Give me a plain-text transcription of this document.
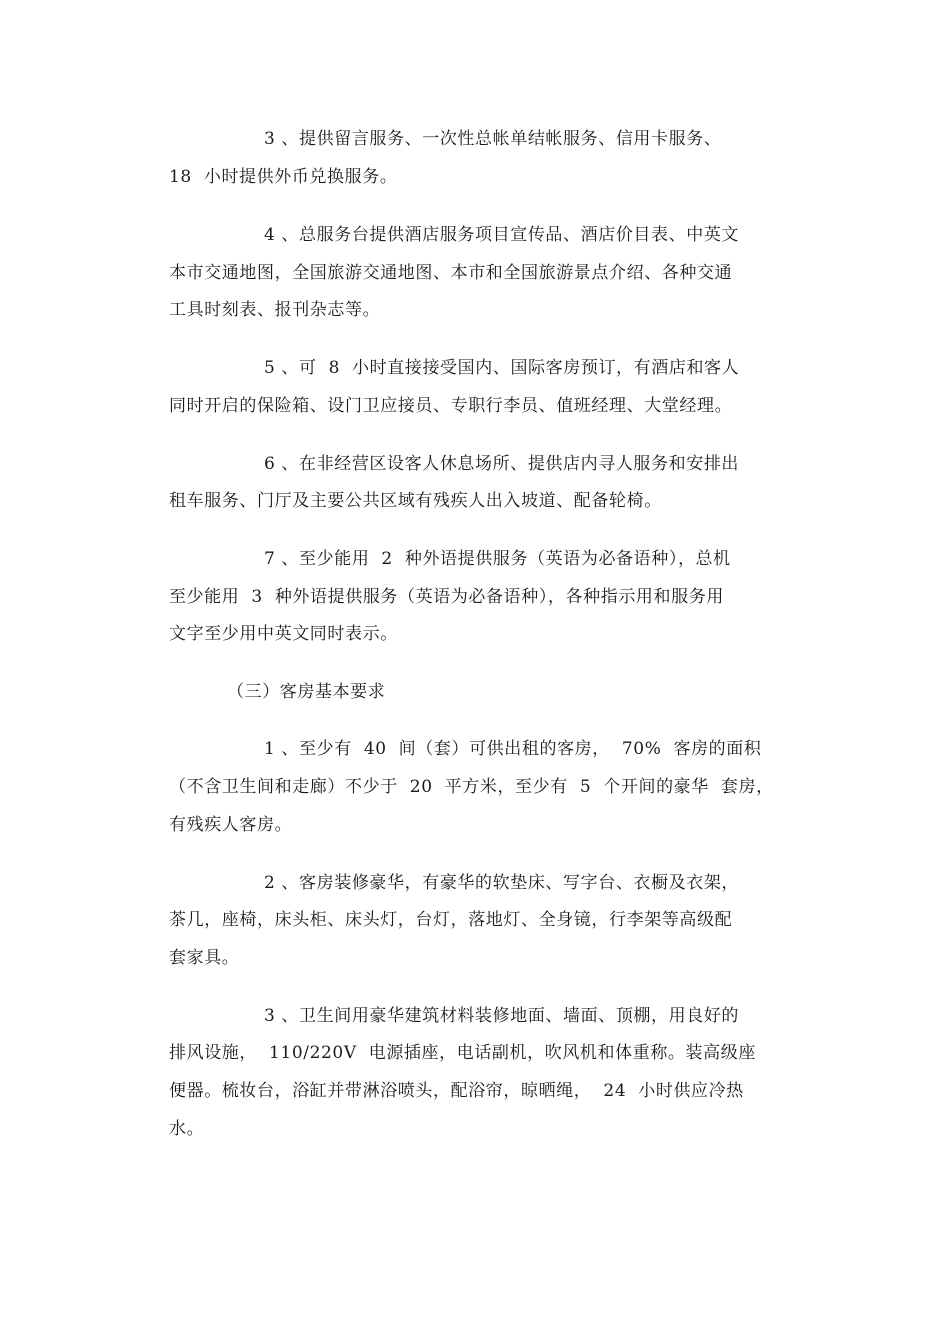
3 、提供留言服务、一次性总帐单结帐服务、信用卡服务、
18  小时提供外币兑换服务。
4 、总服务台提供酒店服务项目宣传品、酒店价目表、中英文
本市交通地图，全国旅游交通地图、本市和全国旅游景点介绍、各种交通
工具时刻表、报刊杂志等。
5 、可  8  小时直接接受国内、国际客房预订，有酒店和客人
同时开启的保险箱、设门卫应接员、专职行李员、值班经理、大堂经理。
6 、在非经营区设客人休息场所、提供店内寻人服务和安排出
租车服务、门厅及主要公共区域有残疾人出入坡道、配备轮椅。
7 、至少能用  2  种外语提供服务（英语为必备语种），总机
至少能用  3  种外语提供服务（英语为必备语种），各种指示用和服务用
文字至少用中英文同时表示。
（三）客房基本要求
1 、至少有  40  间（套）可供出租的客房，  70%  客房的面积
（不含卫生间和走廊）不少于  20  平方米，至少有  5  个开间的豪华  套房，
有残疾人客房。
2 、客房装修豪华，有豪华的软垫床、写字台、衣橱及衣架，
茶几，座椅，床头柜、床头灯，台灯，落地灯、全身镜，行李架等高级配
套家具。
3 、卫生间用豪华建筑材料装修地面、墙面、顶棚，用良好的
排风设施，  110/220V  电源插座，电话副机，吹风机和体重称。装高级座
便器。梳妆台，浴缸并带淋浴喷头，配浴帘，晾晒绳，  24  小时供应冷热
水。
